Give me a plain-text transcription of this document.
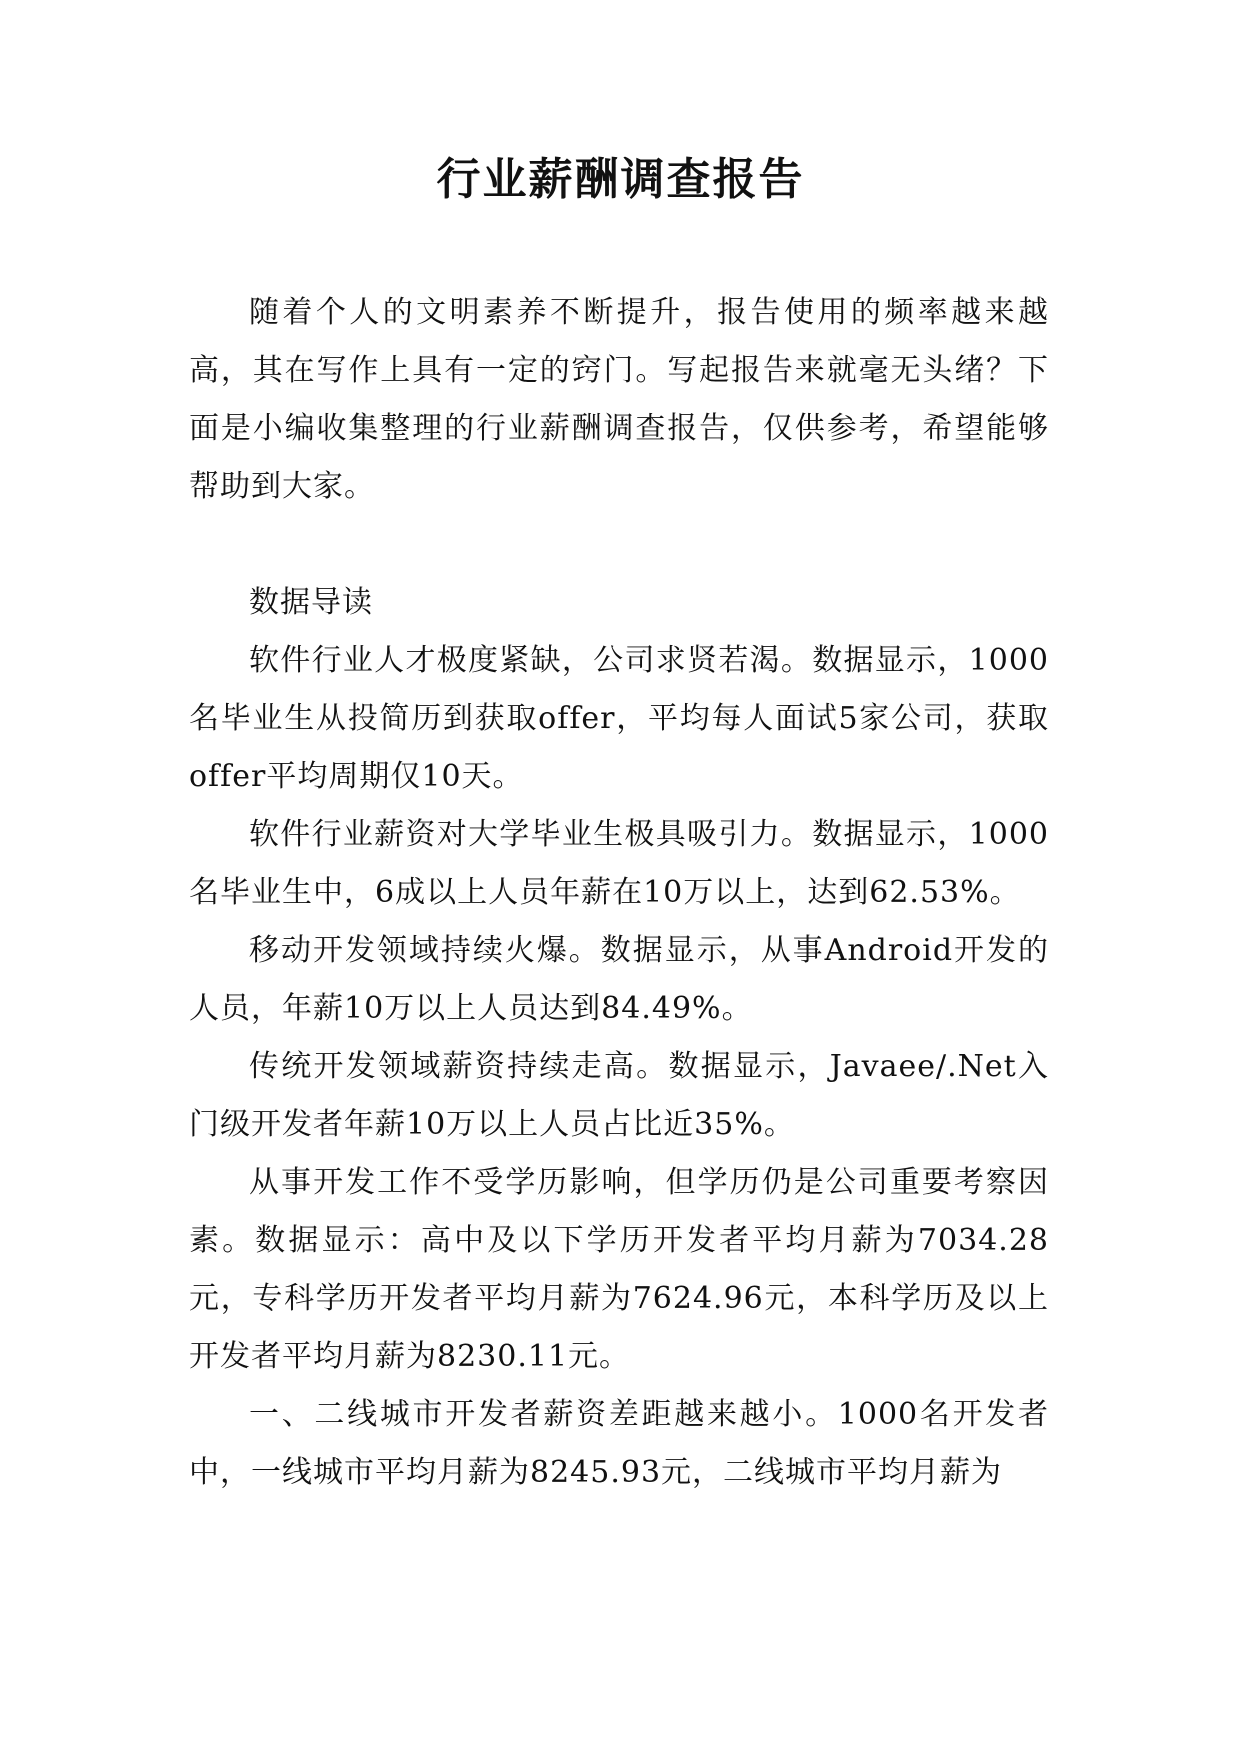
行业薪酬调查报告

随着个人的文明素养不断提升，报告使用的频率越来越高，其在写作上具有一定的窍门。写起报告来就毫无头绪？下面是小编收集整理的行业薪酬调查报告，仅供参考，希望能够帮助到大家。

数据导读

软件行业人才极度紧缺，公司求贤若渴。数据显示，1000名毕业生从投简历到获取offer，平均每人面试5家公司，获取offer平均周期仅10天。

软件行业薪资对大学毕业生极具吸引力。数据显示，1000名毕业生中，6成以上人员年薪在10万以上，达到62.53%。

移动开发领域持续火爆。数据显示，从事Android开发的人员，年薪10万以上人员达到84.49%。

传统开发领域薪资持续走高。数据显示，Javaee/.Net入门级开发者年薪10万以上人员占比近35%。

从事开发工作不受学历影响，但学历仍是公司重要考察因素。数据显示：高中及以下学历开发者平均月薪为7034.28元，专科学历开发者平均月薪为7624.96元，本科学历及以上开发者平均月薪为8230.11元。

一、二线城市开发者薪资差距越来越小。1000名开发者中，一线城市平均月薪为8245.93元，二线城市平均月薪为
